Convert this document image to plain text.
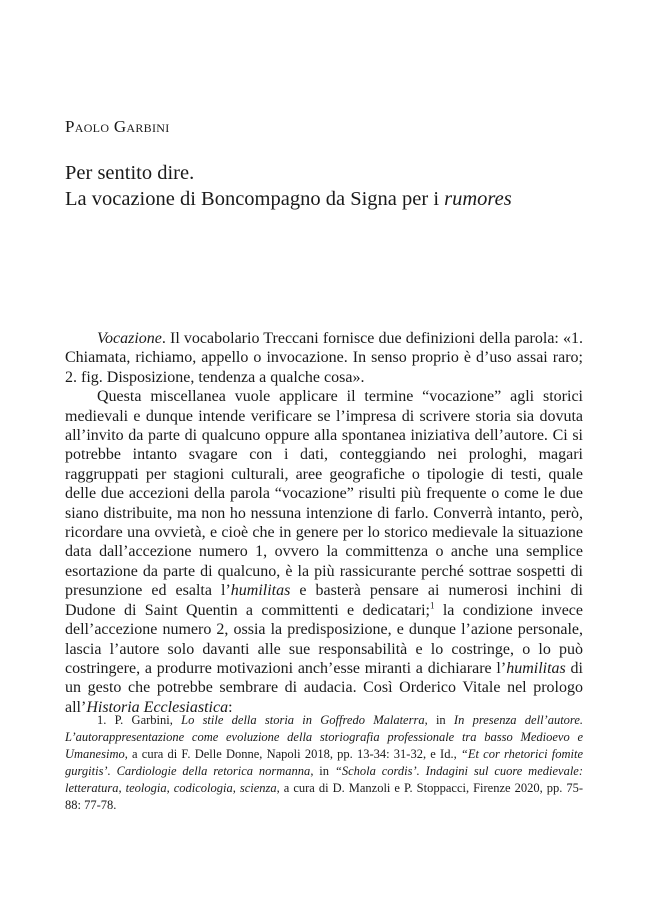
Paolo Garbini
Per sentito dire.
La vocazione di Boncompagno da Signa per i rumores

Vocazione. Il vocabolario Treccani fornisce due definizioni della parola: «1. Chiamata, richiamo, appello o invocazione. In senso proprio è d’uso assai raro; 2. fig. Disposizione, tendenza a qualche cosa».

Questa miscellanea vuole applicare il termine “vocazione” agli storici medievali e dunque intende verificare se l’impresa di scrivere storia sia dovuta all’invito da parte di qualcuno oppure alla spontanea iniziativa dell’autore. Ci si potrebbe intanto svagare con i dati, conteggiando nei prologhi, magari raggruppati per stagioni culturali, aree geografiche o tipologie di testi, quale delle due accezioni della parola “vocazione” risulti più frequente o come le due siano distribuite, ma non ho nessuna intenzione di farlo. Converrà intanto, però, ricordare una ovvietà, e cioè che in genere per lo storico medievale la situazione data dall’accezione numero 1, ovvero la committenza o anche una semplice esortazione da parte di qualcuno, è la più rassicurante perché sottrae sospetti di presunzione ed esalta l’humilitas e basterà pensare ai numerosi inchini di Dudone di Saint Quentin a committenti e dedicatari;$^1$ la condizione invece dell’accezione numero 2, ossia la predisposizione, e dunque l’azione personale, lascia l’autore solo davanti alle sue responsabilità e lo costringe, o lo può costringere, a produrre motivazioni anch’esse miranti a dichiarare l’humilitas di un gesto che potrebbe sembrare di audacia. Così Orderico Vitale nel prologo all’Historia Ecclesiastica:

1. P. Garbini, Lo stile della storia in Goffredo Malaterra, in In presenza dell’autore. L’autorappresentazione come evoluzione della storiografia professionale tra basso Medioevo e Umanesimo, a cura di F. Delle Donne, Napoli 2018, pp. 13-34: 31-32, e Id., “Et cor rhetorici fomite gurgitis’. Cardiologie della retorica normanna, in “Schola cordis’. Indagini sul cuore medievale: letteratura, teologia, codicologia, scienza, a cura di D. Manzoli e P. Stoppacci, Firenze 2020, pp. 75-88: 77-78.
